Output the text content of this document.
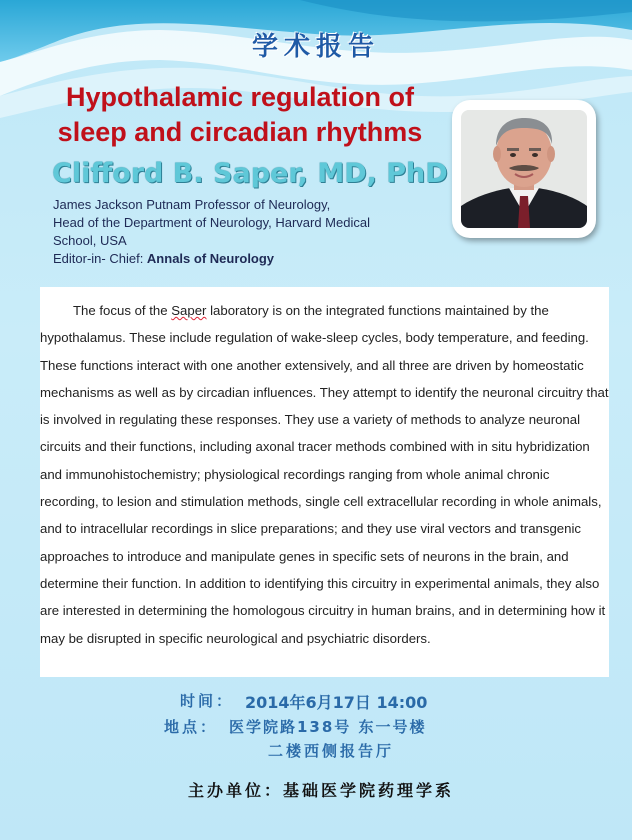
学术报告
Hypothalamic regulation of
sleep and circadian rhythms
Clifford B. Saper, MD, PhD
James Jackson Putnam Professor of Neurology,
Head of the Department of Neurology, Harvard Medical
School, USA
Editor-in- Chief: Annals of Neurology

The focus of the Saper laboratory is on the integrated functions maintained by the hypothalamus. These include regulation of wake-sleep cycles, body temperature, and feeding. These functions interact with one another extensively, and all three are driven by homeostatic mechanisms as well as by circadian influences. They attempt to identify the neuronal circuitry that is involved in regulating these responses. They use a variety of methods to analyze neuronal circuits and their functions, including axonal tracer methods combined with in situ hybridization and immunohistochemistry; physiological recordings ranging from whole animal chronic recording, to lesion and stimulation methods, single cell extracellular recording in whole animals, and to intracellular recordings in slice preparations; and they use viral vectors and transgenic approaches to introduce and manipulate genes in specific sets of neurons in the brain, and determine their function. In addition to identifying this circuitry in experimental animals, they also are interested in determining the homologous circuitry in human brains, and in determining how it may be disrupted in specific neurological and psychiatric disorders.

时间： 2014年6月17日 14:00
地点： 医学院路138号 东一号楼
二楼西侧报告厅
主办单位：基础医学院药理学系
